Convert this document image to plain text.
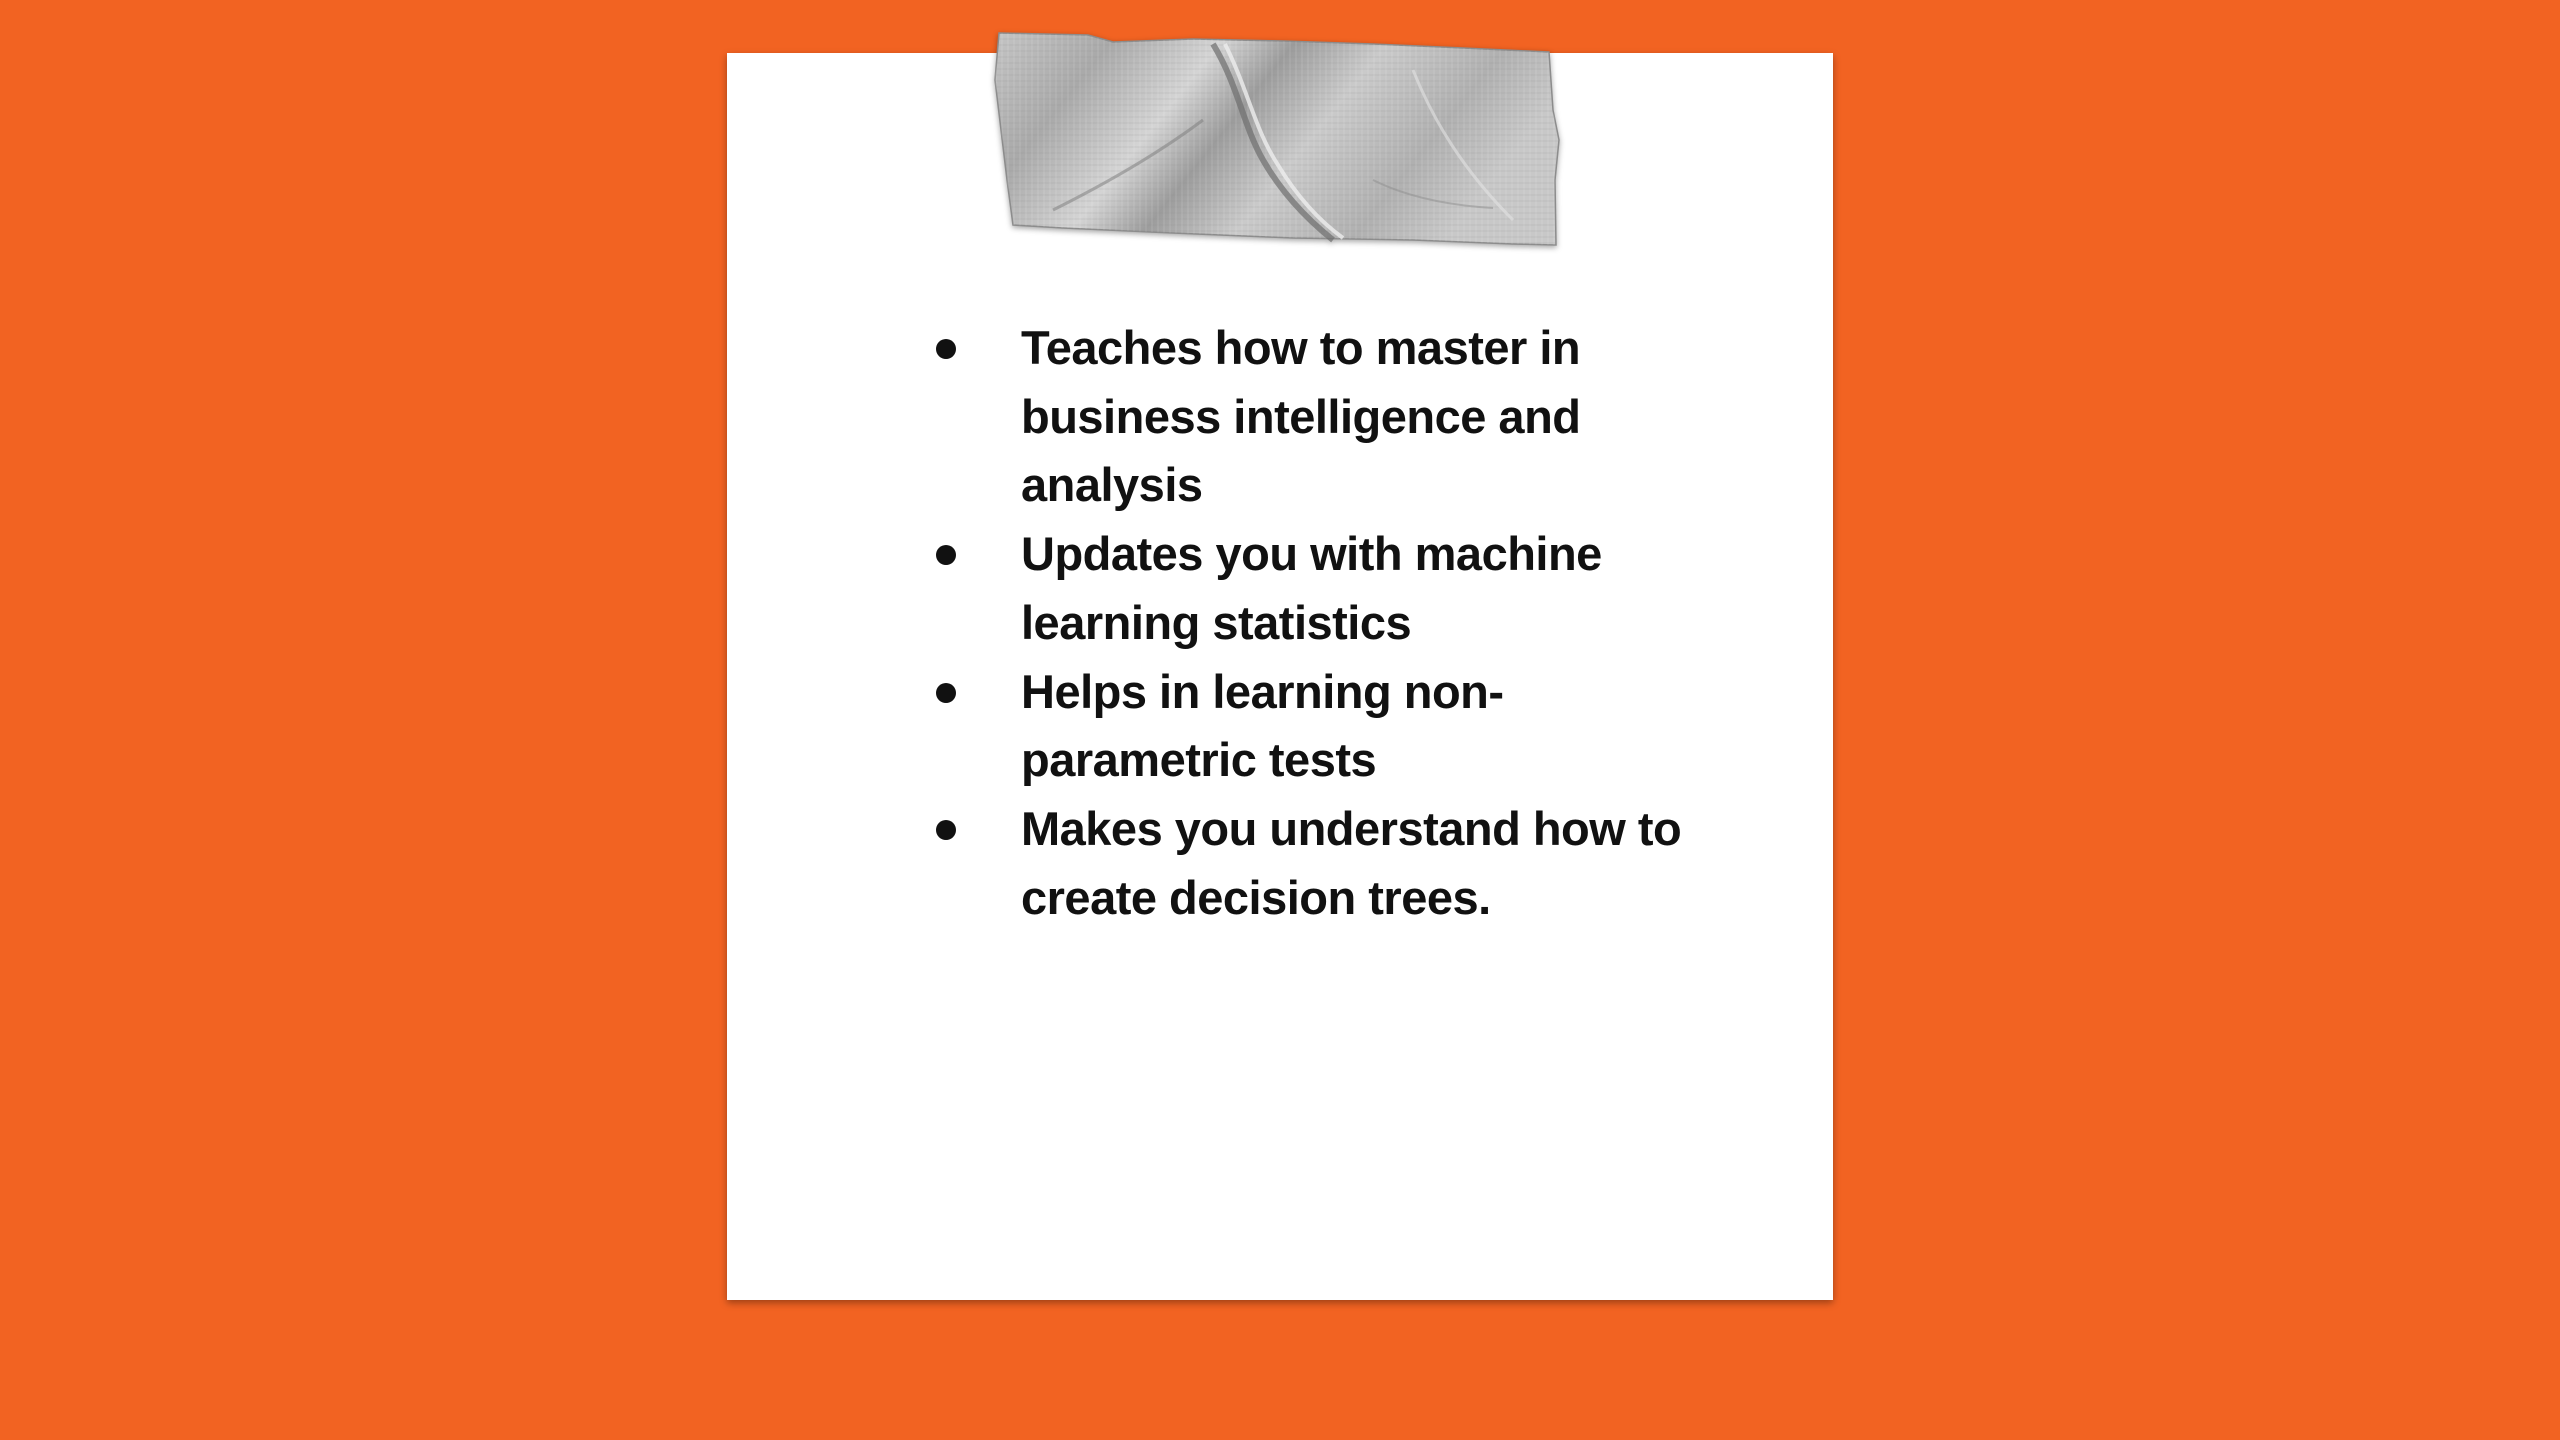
Teaches how to master in business intelligence and analysis
Updates you with machine learning statistics
Helps in learning non-parametric tests
Makes you understand how to create decision trees.
